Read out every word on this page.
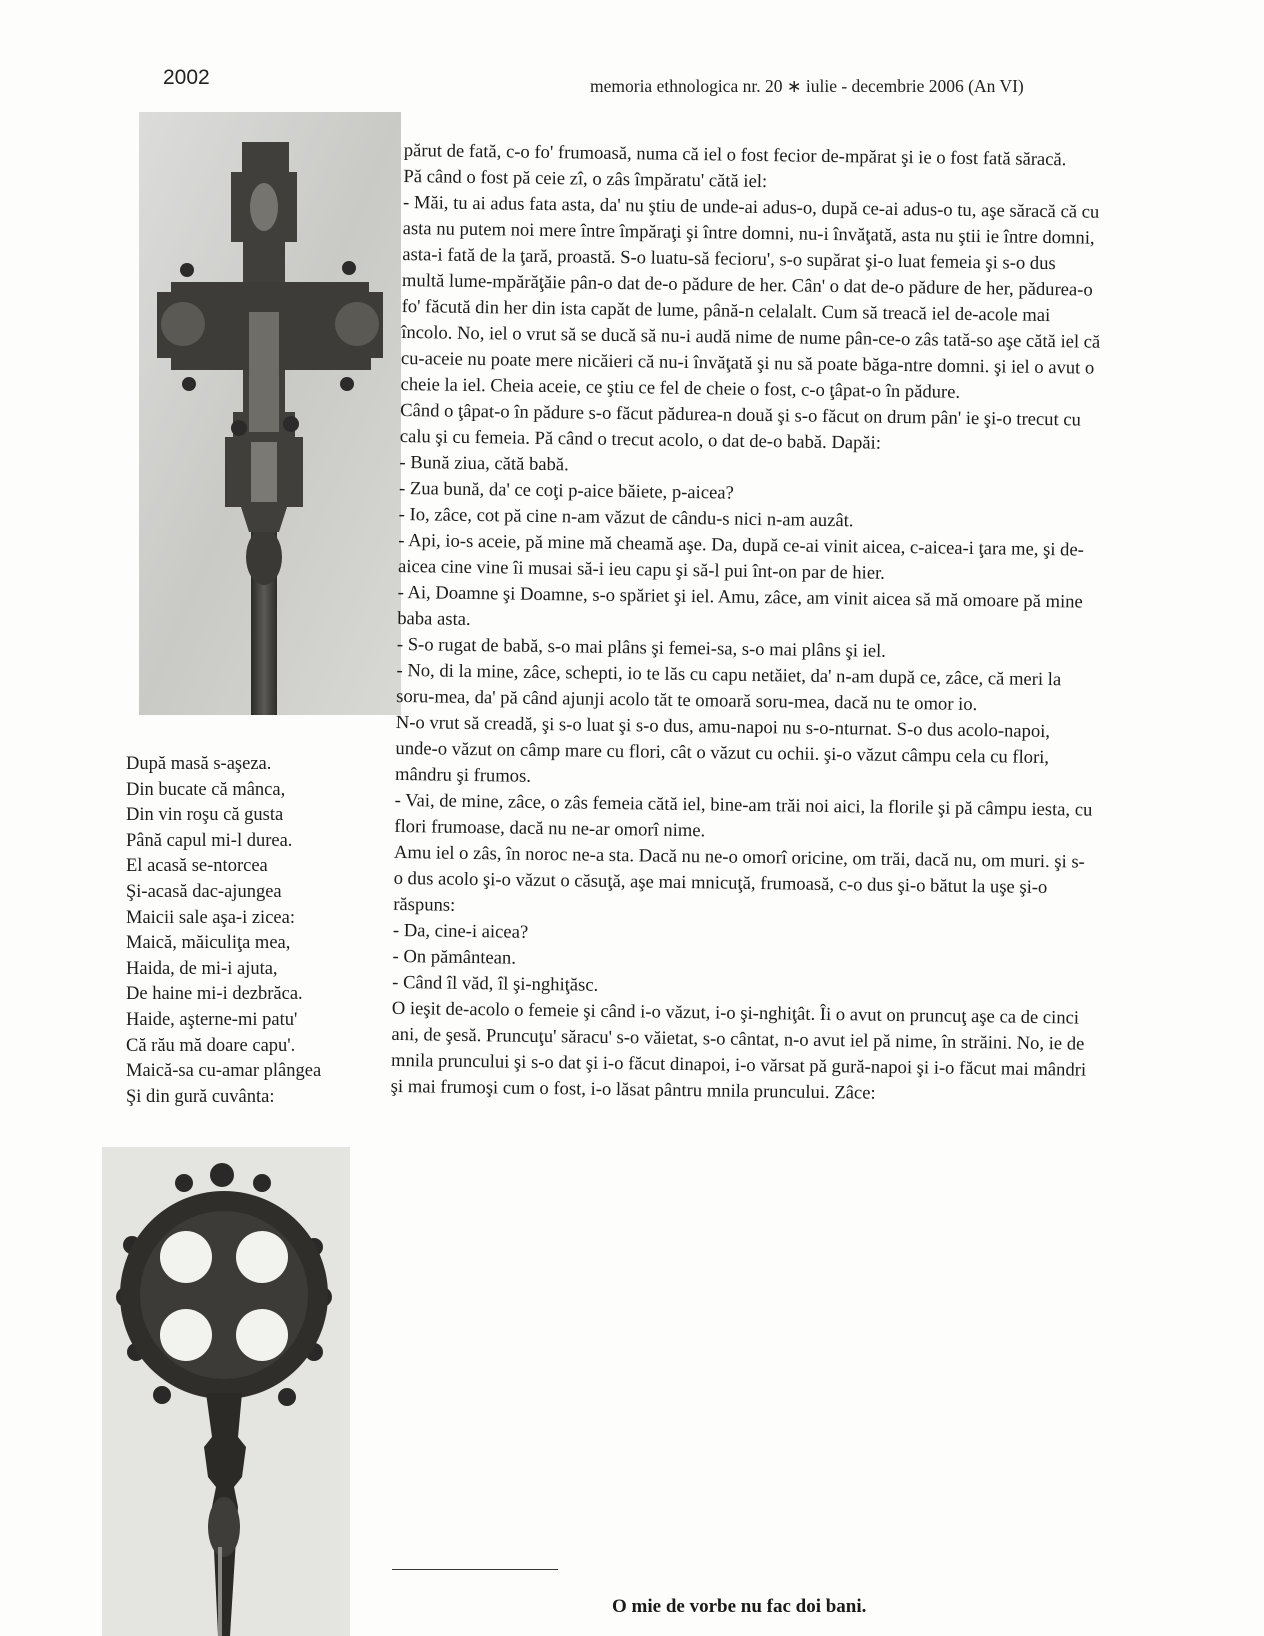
2002	memoria ethnologica nr. 20 ∗ iulie - decembrie 2006 (An VI)
După masă s-aşeza.
Din bucate că mânca,
Din vin roşu că gusta
Până capul mi-l durea.
El acasă se-ntorcea
Şi-acasă dac-ajungea
Maicii sale aşa-i zicea:
Maică, măiculiţa mea,
Haida, de mi-i ajuta,
De haine mi-i dezbrăca.
Haide, aşterne-mi patu'
Că rău mă doare capu'.
Maică-sa cu-amar plângea
Şi din gură cuvânta:

părut de fată, c-o fo' frumoasă, numa că iel o fost fecior de-mpărat şi ie o fost fată săracă.

Pă când o fost pă ceie zî, o zâs împăratu' cătă iel:

- Măi, tu ai adus fata asta, da' nu ştiu de unde-ai adus-o, după ce-ai adus-o tu, aşe săracă că cu asta nu putem noi mere între împăraţi şi între domni, nu-i învăţată, asta nu ştii ie între domni, asta-i fată de la ţară, proastă. S-o luatu-să fecioru', s-o supărat şi-o luat femeia şi s-o dus multă lume-mpărăţăie pân-o dat de-o pădure de her. Cân' o dat de-o pădure de her, pădurea-o fo' făcută din her din ista capăt de lume, până-n celalalt. Cum să treacă iel de-acole mai încolo. No, iel o vrut să se ducă să nu-i audă nime de nume pân-ce-o zâs tată-so aşe cătă iel că cu-aceie nu poate mere nicăieri că nu-i învăţată şi nu să poate băga-ntre domni. şi iel o avut o cheie la iel. Cheia aceie, ce ştiu ce fel de cheie o fost, c-o ţâpat-o în pădure.

Când o ţâpat-o în pădure s-o făcut pădurea-n două şi s-o făcut on drum pân' ie şi-o trecut cu calu şi cu femeia. Pă când o trecut acolo, o dat de-o babă. Dapăi:

- Bună ziua, cătă babă.

- Zua bună, da' ce coţi p-aice băiete, p-aicea?

- Io, zâce, cot pă cine n-am văzut de cându-s nici n-am auzât.

- Api, io-s aceie, pă mine mă cheamă aşe. Da, după ce-ai vinit aicea, c-aicea-i ţara me, şi de-aicea cine vine îi musai să-i ieu capu şi să-l pui înt-on par de hier.

- Ai, Doamne şi Doamne, s-o spăriet şi iel. Amu, zâce, am vinit aicea să mă omoare pă mine baba asta.

- S-o rugat de babă, s-o mai plâns şi femei-sa, s-o mai plâns şi iel.

- No, di la mine, zâce, schepti, io te lăs cu capu netăiet, da' n-am după ce, zâce, că meri la soru-mea, da' pă când ajunji acolo tăt te omoară soru-mea, dacă nu te omor io.

N-o vrut să creadă, şi s-o luat şi s-o dus, amu-napoi nu s-o-nturnat. S-o dus acolo-napoi, unde-o văzut on câmp mare cu flori, cât o văzut cu ochii. şi-o văzut câmpu cela cu flori, mândru şi frumos.

- Vai, de mine, zâce, o zâs femeia cătă iel, bine-am trăi noi aici, la florile şi pă câmpu iesta, cu flori frumoase, dacă nu ne-ar omorî nime.

Amu iel o zâs, în noroc ne-a sta. Dacă nu ne-o omorî oricine, om trăi, dacă nu, om muri. şi s-o dus acolo şi-o văzut o căsuţă, aşe mai mnicuţă, frumoasă, c-o dus şi-o bătut la uşe şi-o răspuns:

- Da, cine-i aicea?

- On pământean.

- Când îl văd, îl şi-nghiţăsc.

O ieşit de-acolo o femeie şi când i-o văzut, i-o şi-nghiţât. Îi o avut on pruncuţ aşe ca de cinci ani, de şesă. Pruncuţu' săracu' s-o văietat, s-o cântat, n-o avut iel pă nime, în străini. No, ie de mnila pruncului şi s-o dat şi i-o făcut dinapoi, i-o vărsat pă gură-napoi şi i-o făcut mai mândri şi mai frumoşi cum o fost, i-o lăsat pântru mnila pruncului. Zâce:

O mie de vorbe nu fac doi bani.
